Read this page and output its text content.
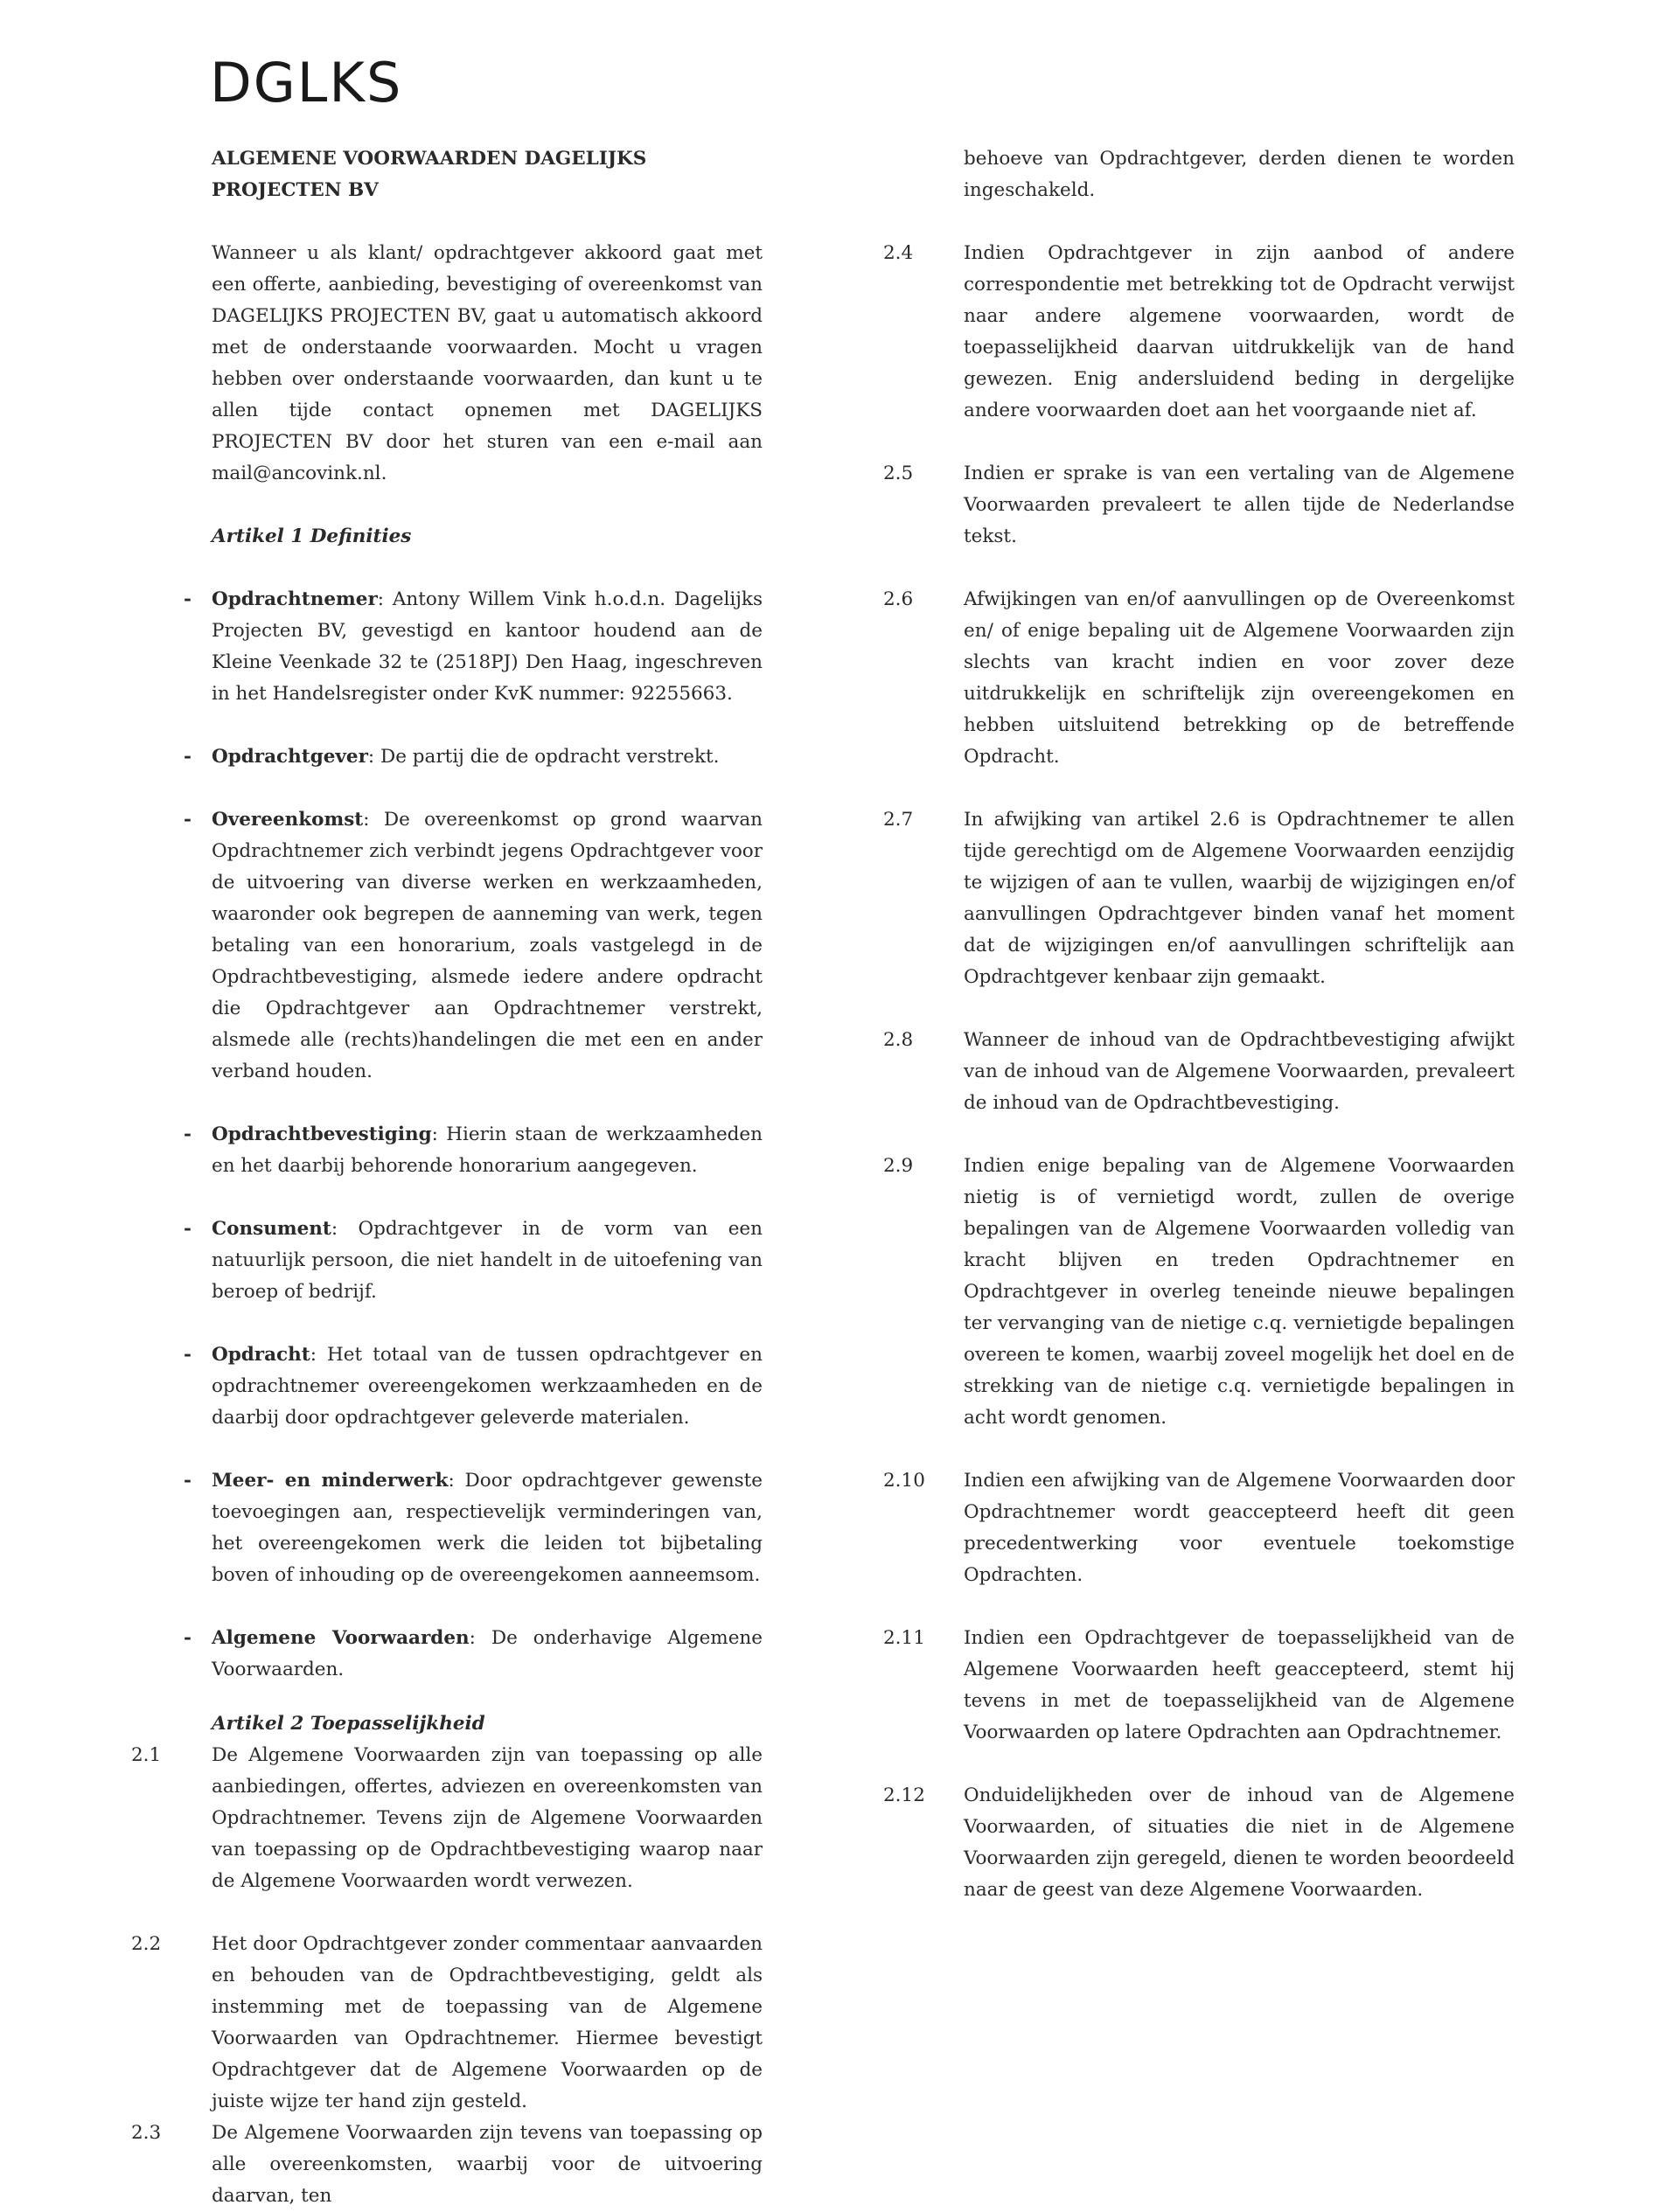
DGLKS

ALGEMENE VOORWAARDEN DAGELIJKS PROJECTEN BV

Wanneer u als klant/ opdrachtgever akkoord gaat met een offerte, aanbieding, bevestiging of overeenkomst van DAGELIJKS PROJECTEN BV, gaat u automatisch akkoord met de onderstaande voorwaarden. Mocht u vragen hebben over onderstaande voorwaarden, dan kunt u te allen tijde contact opnemen met DAGELIJKS PROJECTEN BV door het sturen van een e-mail aan mail@ancovink.nl.

Artikel 1 Definities

- Opdrachtnemer: Antony Willem Vink h.o.d.n. Dagelijks Projecten BV, gevestigd en kantoor houdend aan de Kleine Veenkade 32 te (2518PJ) Den Haag, ingeschreven in het Handelsregister onder KvK nummer: 92255663.
- Opdrachtgever: De partij die de opdracht verstrekt.
- Overeenkomst: De overeenkomst op grond waarvan Opdrachtnemer zich verbindt jegens Opdrachtgever voor de uitvoering van diverse werken en werkzaamheden, waaronder ook begrepen de aanneming van werk, tegen betaling van een honorarium, zoals vastgelegd in de Opdrachtbevestiging, alsmede iedere andere opdracht die Opdrachtgever aan Opdrachtnemer verstrekt, alsmede alle (rechts)handelingen die met een en ander verband houden.
- Opdrachtbevestiging: Hierin staan de werkzaamheden en het daarbij behorende honorarium aangegeven.
- Consument: Opdrachtgever in de vorm van een natuurlijk persoon, die niet handelt in de uitoefening van beroep of bedrijf.
- Opdracht: Het totaal van de tussen opdrachtgever en opdrachtnemer overeengekomen werkzaamheden en de daarbij door opdrachtgever geleverde materialen.
- Meer- en minderwerk: Door opdrachtgever gewenste toevoegingen aan, respectievelijk verminderingen van, het overeengekomen werk die leiden tot bijbetaling boven of inhouding op de overeengekomen aanneemsom.
- Algemene Voorwaarden: De onderhavige Algemene Voorwaarden.

Artikel 2 Toepasselijkheid

2.1	De Algemene Voorwaarden zijn van toepassing op alle aanbiedingen, offertes, adviezen en overeenkomsten van Opdrachtnemer. Tevens zijn de Algemene Voorwaarden van toepassing op de Opdrachtbevestiging waarop naar de Algemene Voorwaarden wordt verwezen.
2.2	Het door Opdrachtgever zonder commentaar aanvaarden en behouden van de Opdrachtbevestiging, geldt als instemming met de toepassing van de Algemene Voorwaarden van Opdrachtnemer. Hiermee bevestigt Opdrachtgever dat de Algemene Voorwaarden op de juiste wijze ter hand zijn gesteld.
2.3	De Algemene Voorwaarden zijn tevens van toepassing op alle overeenkomsten, waarbij voor de uitvoering daarvan, ten

behoeve van Opdrachtgever, derden dienen te worden ingeschakeld.

2.4	Indien Opdrachtgever in zijn aanbod of andere correspondentie met betrekking tot de Opdracht verwijst naar andere algemene voorwaarden, wordt de toepasselijkheid daarvan uitdrukkelijk van de hand gewezen. Enig andersluidend beding in dergelijke andere voorwaarden doet aan het voorgaande niet af.
2.5	Indien er sprake is van een vertaling van de Algemene Voorwaarden prevaleert te allen tijde de Nederlandse tekst.
2.6	Afwijkingen van en/of aanvullingen op de Overeenkomst en/ of enige bepaling uit de Algemene Voorwaarden zijn slechts van kracht indien en voor zover deze uitdrukkelijk en schriftelijk zijn overeengekomen en hebben uitsluitend betrekking op de betreffende Opdracht.
2.7	In afwijking van artikel 2.6 is Opdrachtnemer te allen tijde gerechtigd om de Algemene Voorwaarden eenzijdig te wijzigen of aan te vullen, waarbij de wijzigingen en/of aanvullingen Opdrachtgever binden vanaf het moment dat de wijzigingen en/of aanvullingen schriftelijk aan Opdrachtgever kenbaar zijn gemaakt.
2.8	Wanneer de inhoud van de Opdrachtbevestiging afwijkt van de inhoud van de Algemene Voorwaarden, prevaleert de inhoud van de Opdrachtbevestiging.
2.9	Indien enige bepaling van de Algemene Voorwaarden nietig is of vernietigd wordt, zullen de overige bepalingen van de Algemene Voorwaarden volledig van kracht blijven en treden Opdrachtnemer en Opdrachtgever in overleg teneinde nieuwe bepalingen ter vervanging van de nietige c.q. vernietigde bepalingen overeen te komen, waarbij zoveel mogelijk het doel en de strekking van de nietige c.q. vernietigde bepalingen in acht wordt genomen.
2.10 Indien een afwijking van de Algemene Voorwaarden door Opdrachtnemer wordt geaccepteerd heeft dit geen precedentwerking voor eventuele toekomstige Opdrachten.
2.11 Indien een Opdrachtgever de toepasselijkheid van de Algemene Voorwaarden heeft geaccepteerd, stemt hij tevens in met de toepasselijkheid van de Algemene Voorwaarden op latere Opdrachten aan Opdrachtnemer.
2.12 Onduidelijkheden over de inhoud van de Algemene Voorwaarden, of situaties die niet in de Algemene Voorwaarden zijn geregeld, dienen te worden beoordeeld naar de geest van deze Algemene Voorwaarden.
